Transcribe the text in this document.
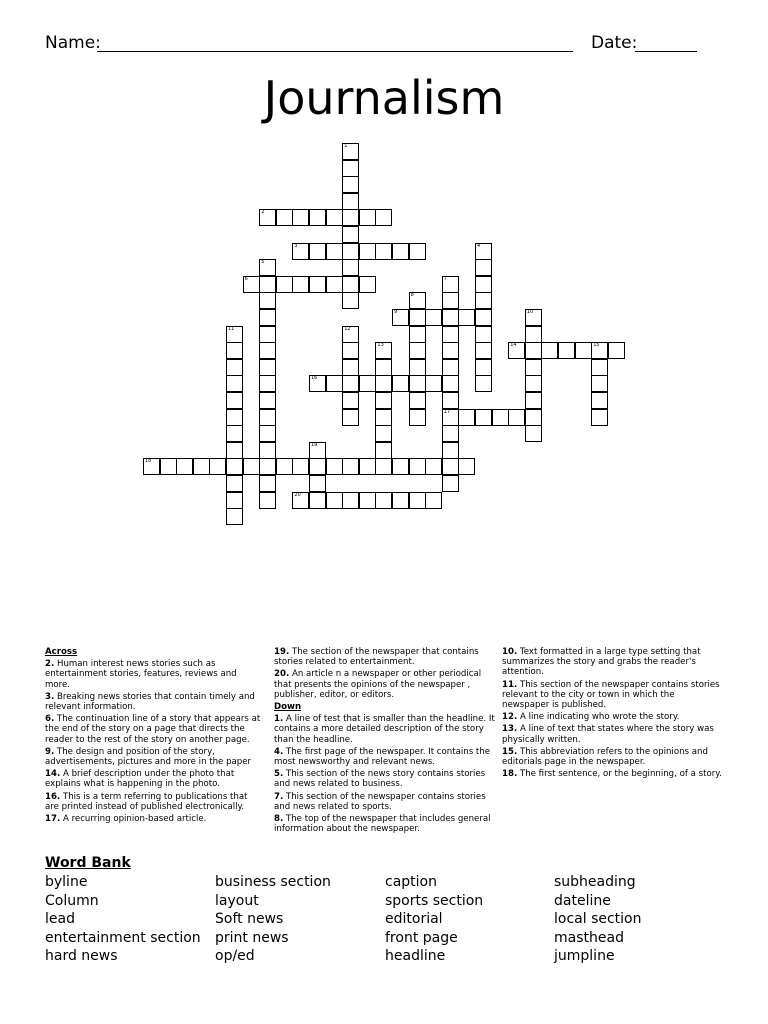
Name:	Date:
Journalism
1
2
3	4
5
6	7
17
8
9	10
11	12
13	14	15
16
18
19
20

Across

2. Human interest news stories such as entertainment stories, features, reviews and more.

3. Breaking news stories that contain timely and relevant information.

6. The continuation line of a story that appears at the end of the story on a page that directs the reader to the rest of the story on another page.

9. The design and position of the story, advertisements, pictures and more in the paper

14. A brief description under the photo that explains what is happening in the photo.

16. This is a term referring to publications that are printed instead of published electronically.

17. A recurring opinion-based article.

19. The section of the newspaper that contains stories related to entertainment.

20. An article n a newspaper or other periodical that presents the opinions of the newspaper , publisher, editor, or editors.

Down

1. A line of test that is smaller than the headline. It contains a more detailed description of the story than the headline.

4. The first page of the newspaper. It contains the most newsworthy and relevant news.

5. This section of the news story contains stories and news related to business.

7. This section of the newspaper contains stories and news related to sports.

8. The top of the newspaper that includes general information about the newspaper.

10. Text formatted in a large type setting that summarizes the story and grabs the reader's attention.

11. This section of the newspaper contains stories relevant to the city or town in which the newspaper is published.

12. A line indicating who wrote the story.

13. A line of text that states where the story was physically written.

15. This abbreviation refers to the opinions and editorials page in the newspaper.

18. The first sentence, or the beginning, of a story.

Word Bank
byline
Column
lead
entertainment section
hard news
business section
layout
Soft news
print news
op/ed
caption
sports section
editorial
front page
headline
subheading
dateline
local section
masthead
jumpline
